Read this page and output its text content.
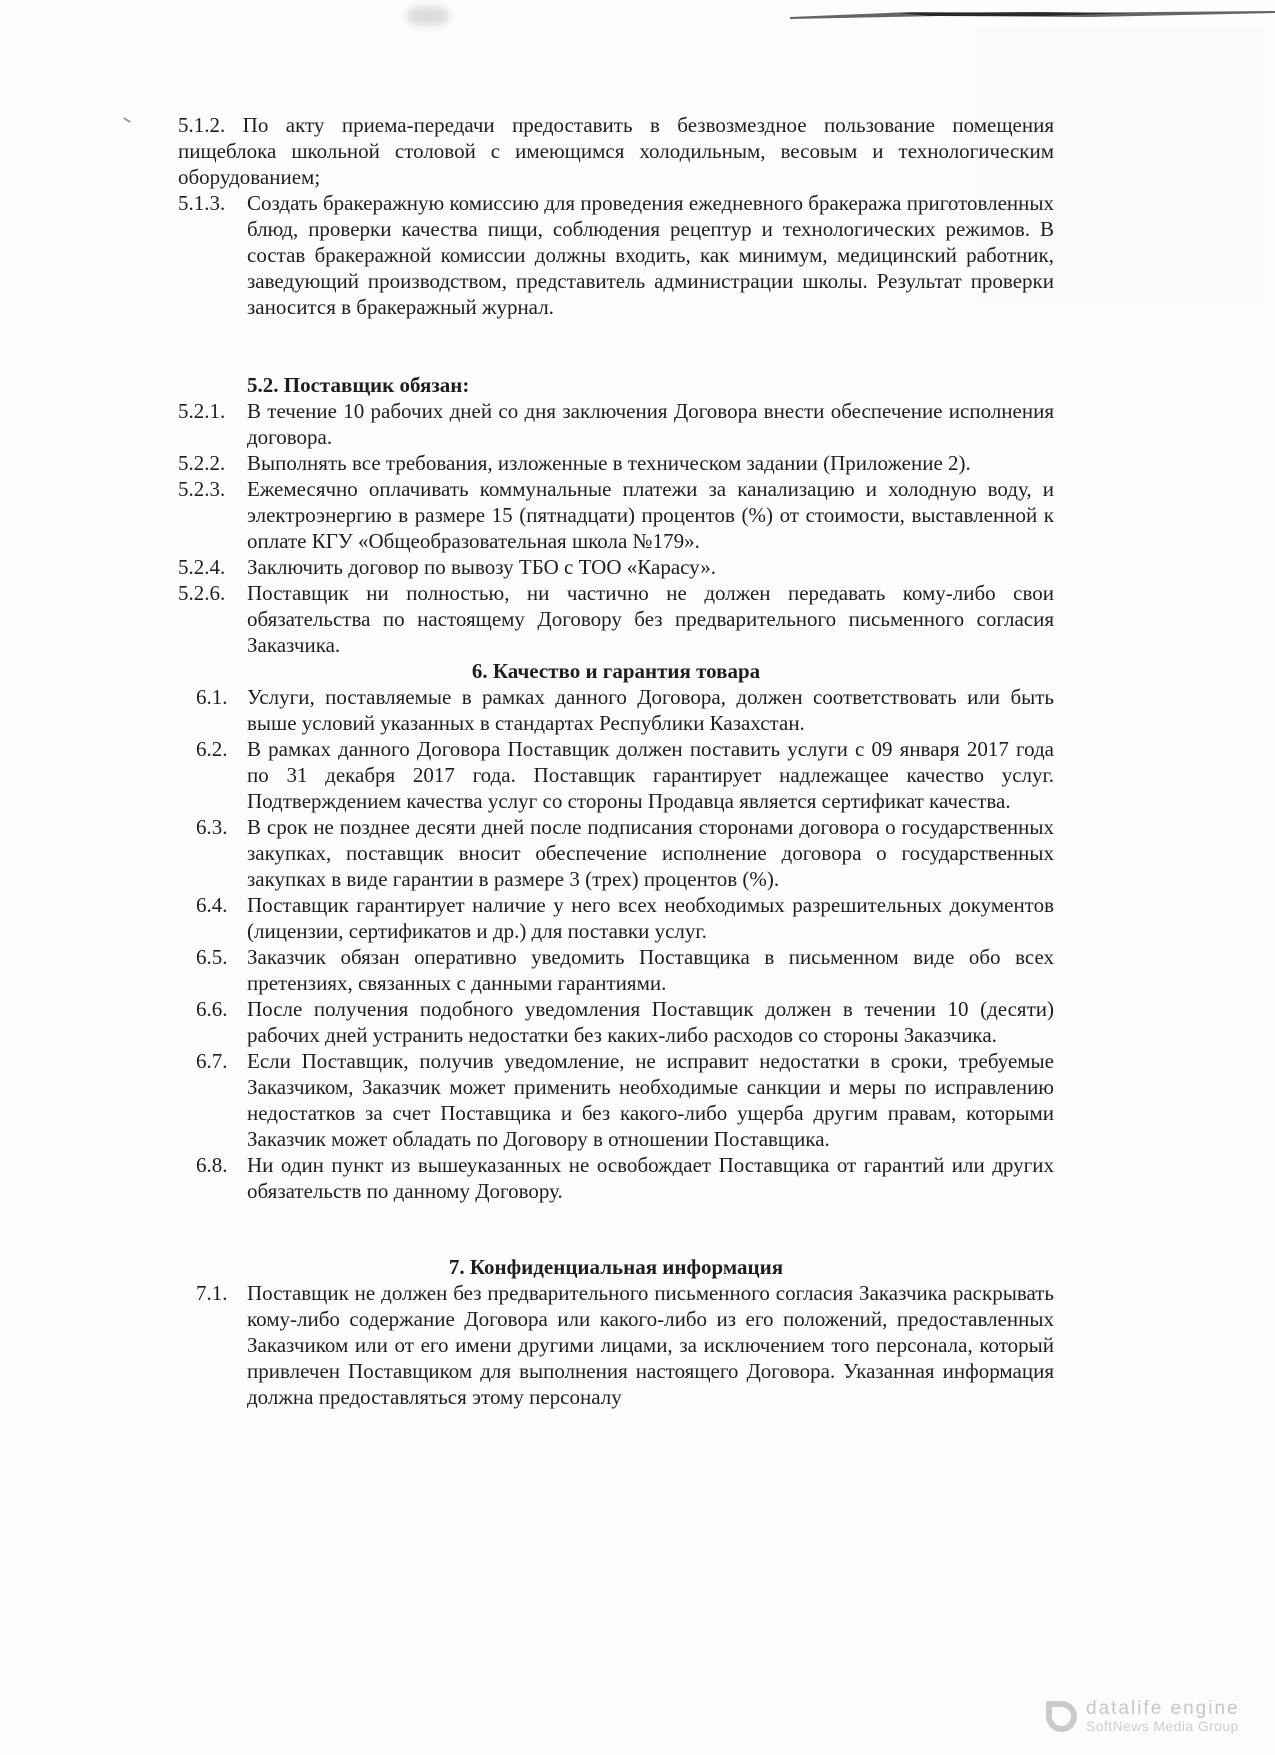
5.1.2. По акту приема-передачи предоставить в безвозмездное пользование помещения пищеблока школьной столовой с имеющимся холодильным, весовым и технологическим оборудованием;

5.1.3. Создать бракеражную комиссию для проведения ежедневного бракеража приготовленных блюд, проверки качества пищи, соблюдения рецептур и технологических режимов. В состав бракеражной комиссии должны входить, как минимум, медицинский работник, заведующий производством, представитель администрации школы. Результат проверки заносится в бракеражный журнал.

5.2. Поставщик обязан:

5.2.1. В течение 10 рабочих дней со дня заключения Договора внести обеспечение исполнения договора.

5.2.2. Выполнять все требования, изложенные в техническом задании (Приложение 2).

5.2.3. Ежемесячно оплачивать коммунальные платежи за канализацию и холодную воду, и электроэнергию в размере 15 (пятнадцати) процентов (%) от стоимости, выставленной к оплате КГУ «Общеобразовательная школа №179».

5.2.4. Заключить договор по вывозу ТБО с ТОО «Карасу».

5.2.6. Поставщик ни полностью, ни частично не должен передавать кому-либо свои обязательства по настоящему Договору без предварительного письменного согласия Заказчика.

6. Качество и гарантия товара

6.1. Услуги, поставляемые в рамках данного Договора, должен соответствовать или быть выше условий указанных в стандартах Республики Казахстан.

6.2. В рамках данного Договора Поставщик должен поставить услуги с 09 января 2017 года по 31 декабря 2017 года. Поставщик гарантирует надлежащее качество услуг. Подтверждением качества услуг со стороны Продавца является сертификат качества.

6.3. В срок не позднее десяти дней после подписания сторонами договора о государственных закупках, поставщик вносит обеспечение исполнение договора о государственных закупках в виде гарантии в размере 3 (трех) процентов (%).

6.4. Поставщик гарантирует наличие у него всех необходимых разрешительных документов (лицензии, сертификатов и др.) для поставки услуг.

6.5. Заказчик обязан оперативно уведомить Поставщика в письменном виде обо всех претензиях, связанных с данными гарантиями.

6.6. После получения подобного уведомления Поставщик должен в течении 10 (десяти) рабочих дней устранить недостатки без каких-либо расходов со стороны Заказчика.

6.7. Если Поставщик, получив уведомление, не исправит недостатки в сроки, требуемые Заказчиком, Заказчик может применить необходимые санкции и меры по исправлению недостатков за счет Поставщика и без какого-либо ущерба другим правам, которыми Заказчик может обладать по Договору в отношении Поставщика.

6.8. Ни один пункт из вышеуказанных не освобождает Поставщика от гарантий или других обязательств по данному Договору.

7. Конфиденциальная информация

7.1. Поставщик не должен без предварительного письменного согласия Заказчика раскрывать кому-либо содержание Договора или какого-либо из его положений, предоставленных Заказчиком или от его имени другими лицами, за исключением того персонала, который привлечен Поставщиком для выполнения настоящего Договора. Указанная информация должна предоставляться этому персоналу

datalife engine
SoftNews Media Group
